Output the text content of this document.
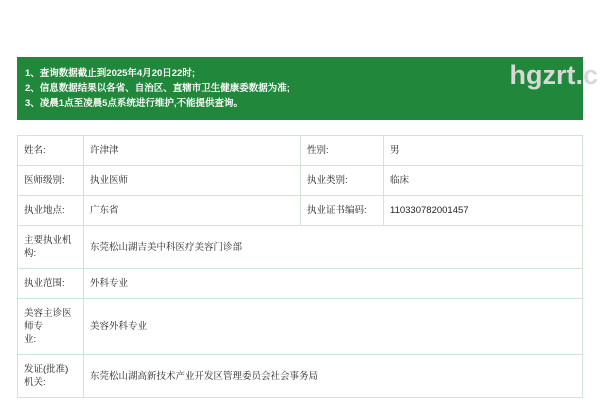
hgzrt.c
1、查询数据截止到2025年4月20日22时;
2、信息数据结果以各省、自治区、直辖市卫生健康委数据为准;
3、凌晨1点至凌晨5点系统进行维护,不能提供查询。
姓名:	许津津	性别:	男
医师级别:	执业医师	执业类别:	临床
执业地点:	广东省	执业证书编码:	110330782001457
主要执业机构:
东莞松山湖吉美中科医疗美容门诊部
执业范围:	外科专业
美容主诊医师专
业:
美容外科专业
发证(批准)机关:
东莞松山湖高新技术产业开发区管理委员会社会事务局
